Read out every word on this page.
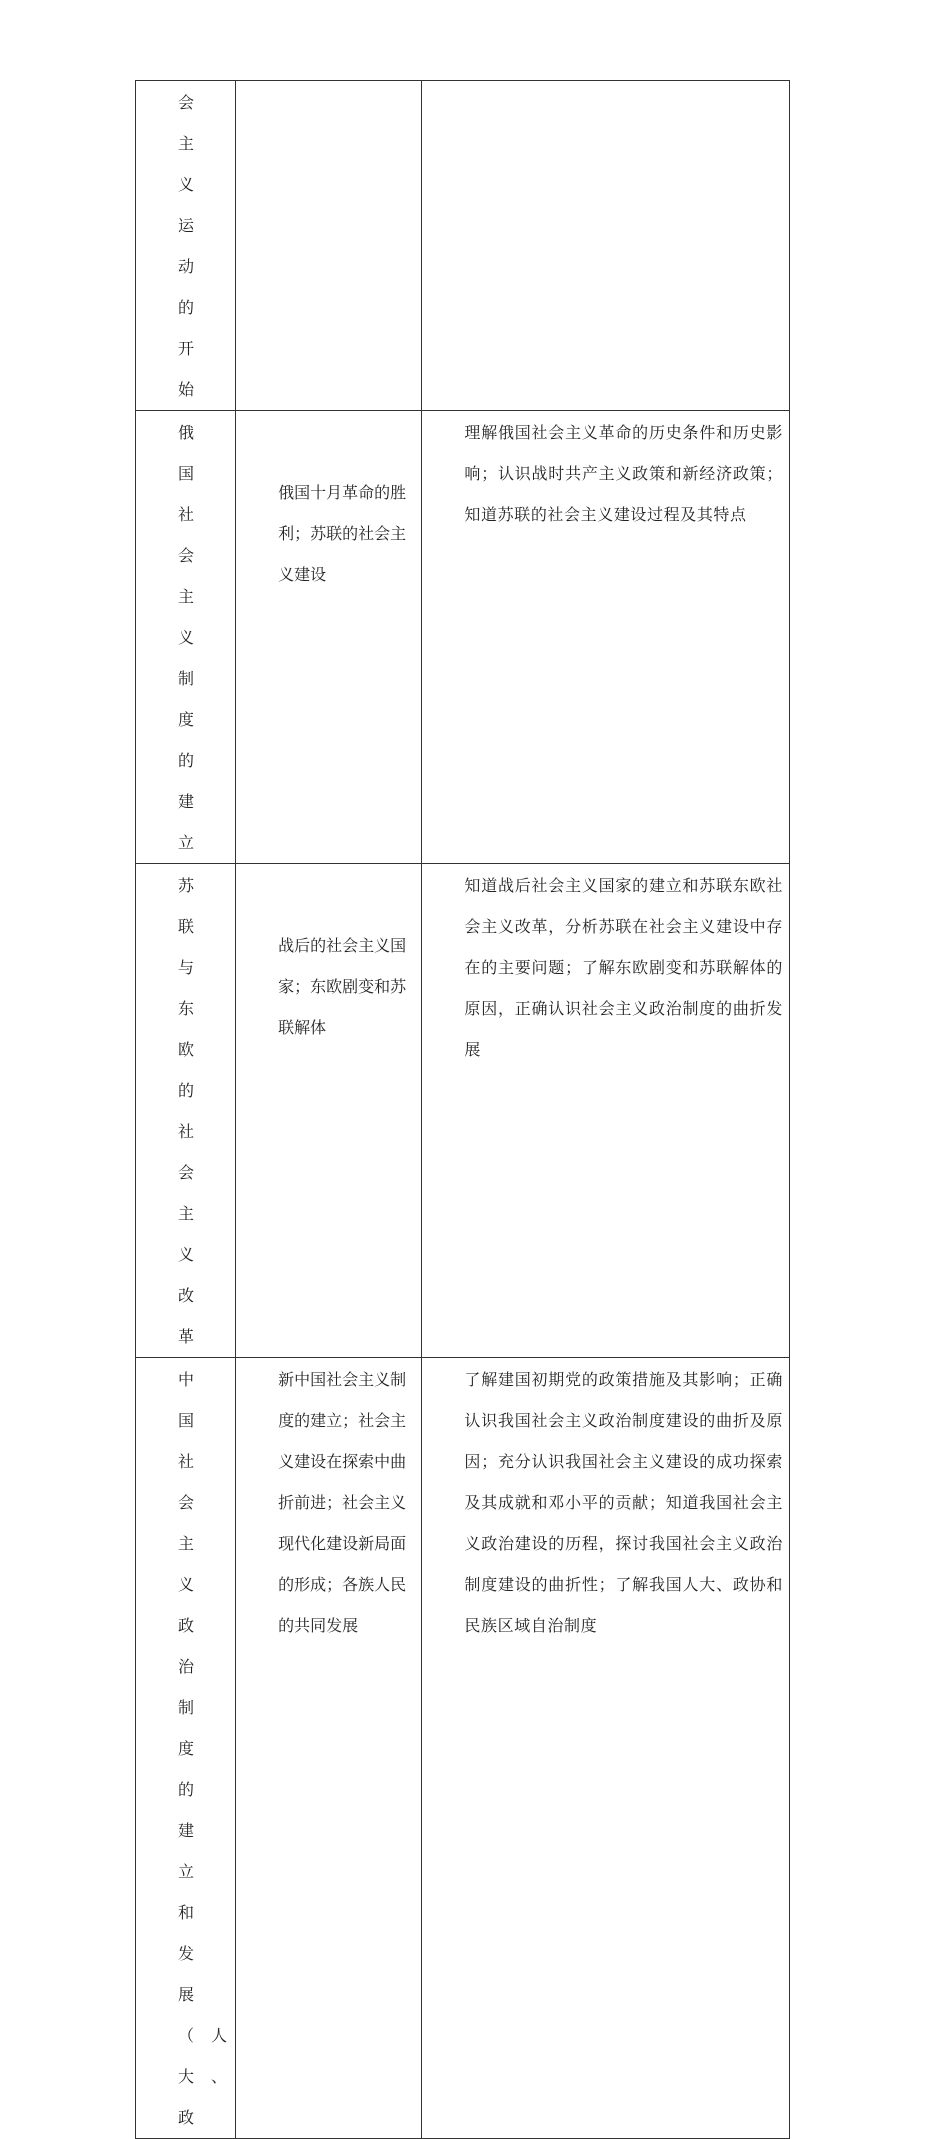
会主义运动的开始		

俄国社会主义制度的建立	俄国十月革命的胜利；苏联的社会主义建设	理解俄国社会主义革命的历史条件和历史影响；认识战时共产主义政策和新经济政策；知道苏联的社会主义建设过程及其特点

苏联与东欧的社会主义改革	战后的社会主义国家；东欧剧变和苏联解体	知道战后社会主义国家的建立和苏联东欧社会主义改革，分析苏联在社会主义建设中存在的主要问题；了解东欧剧变和苏联解体的原因，正确认识社会主义政治制度的曲折发展

中国社会主义政治制度的建立和发展（人大、政	新中国社会主义制度的建立；社会主义建设在探索中曲折前进；社会主义现代化建设新局面的形成；各族人民的共同发展	了解建国初期党的政策措施及其影响；正确认识我国社会主义政治制度建设的曲折及原因；充分认识我国社会主义建设的成功探索及其成就和邓小平的贡献；知道我国社会主义政治建设的历程，探讨我国社会主义政治制度建设的曲折性；了解我国人大、政协和民族区域自治制度
